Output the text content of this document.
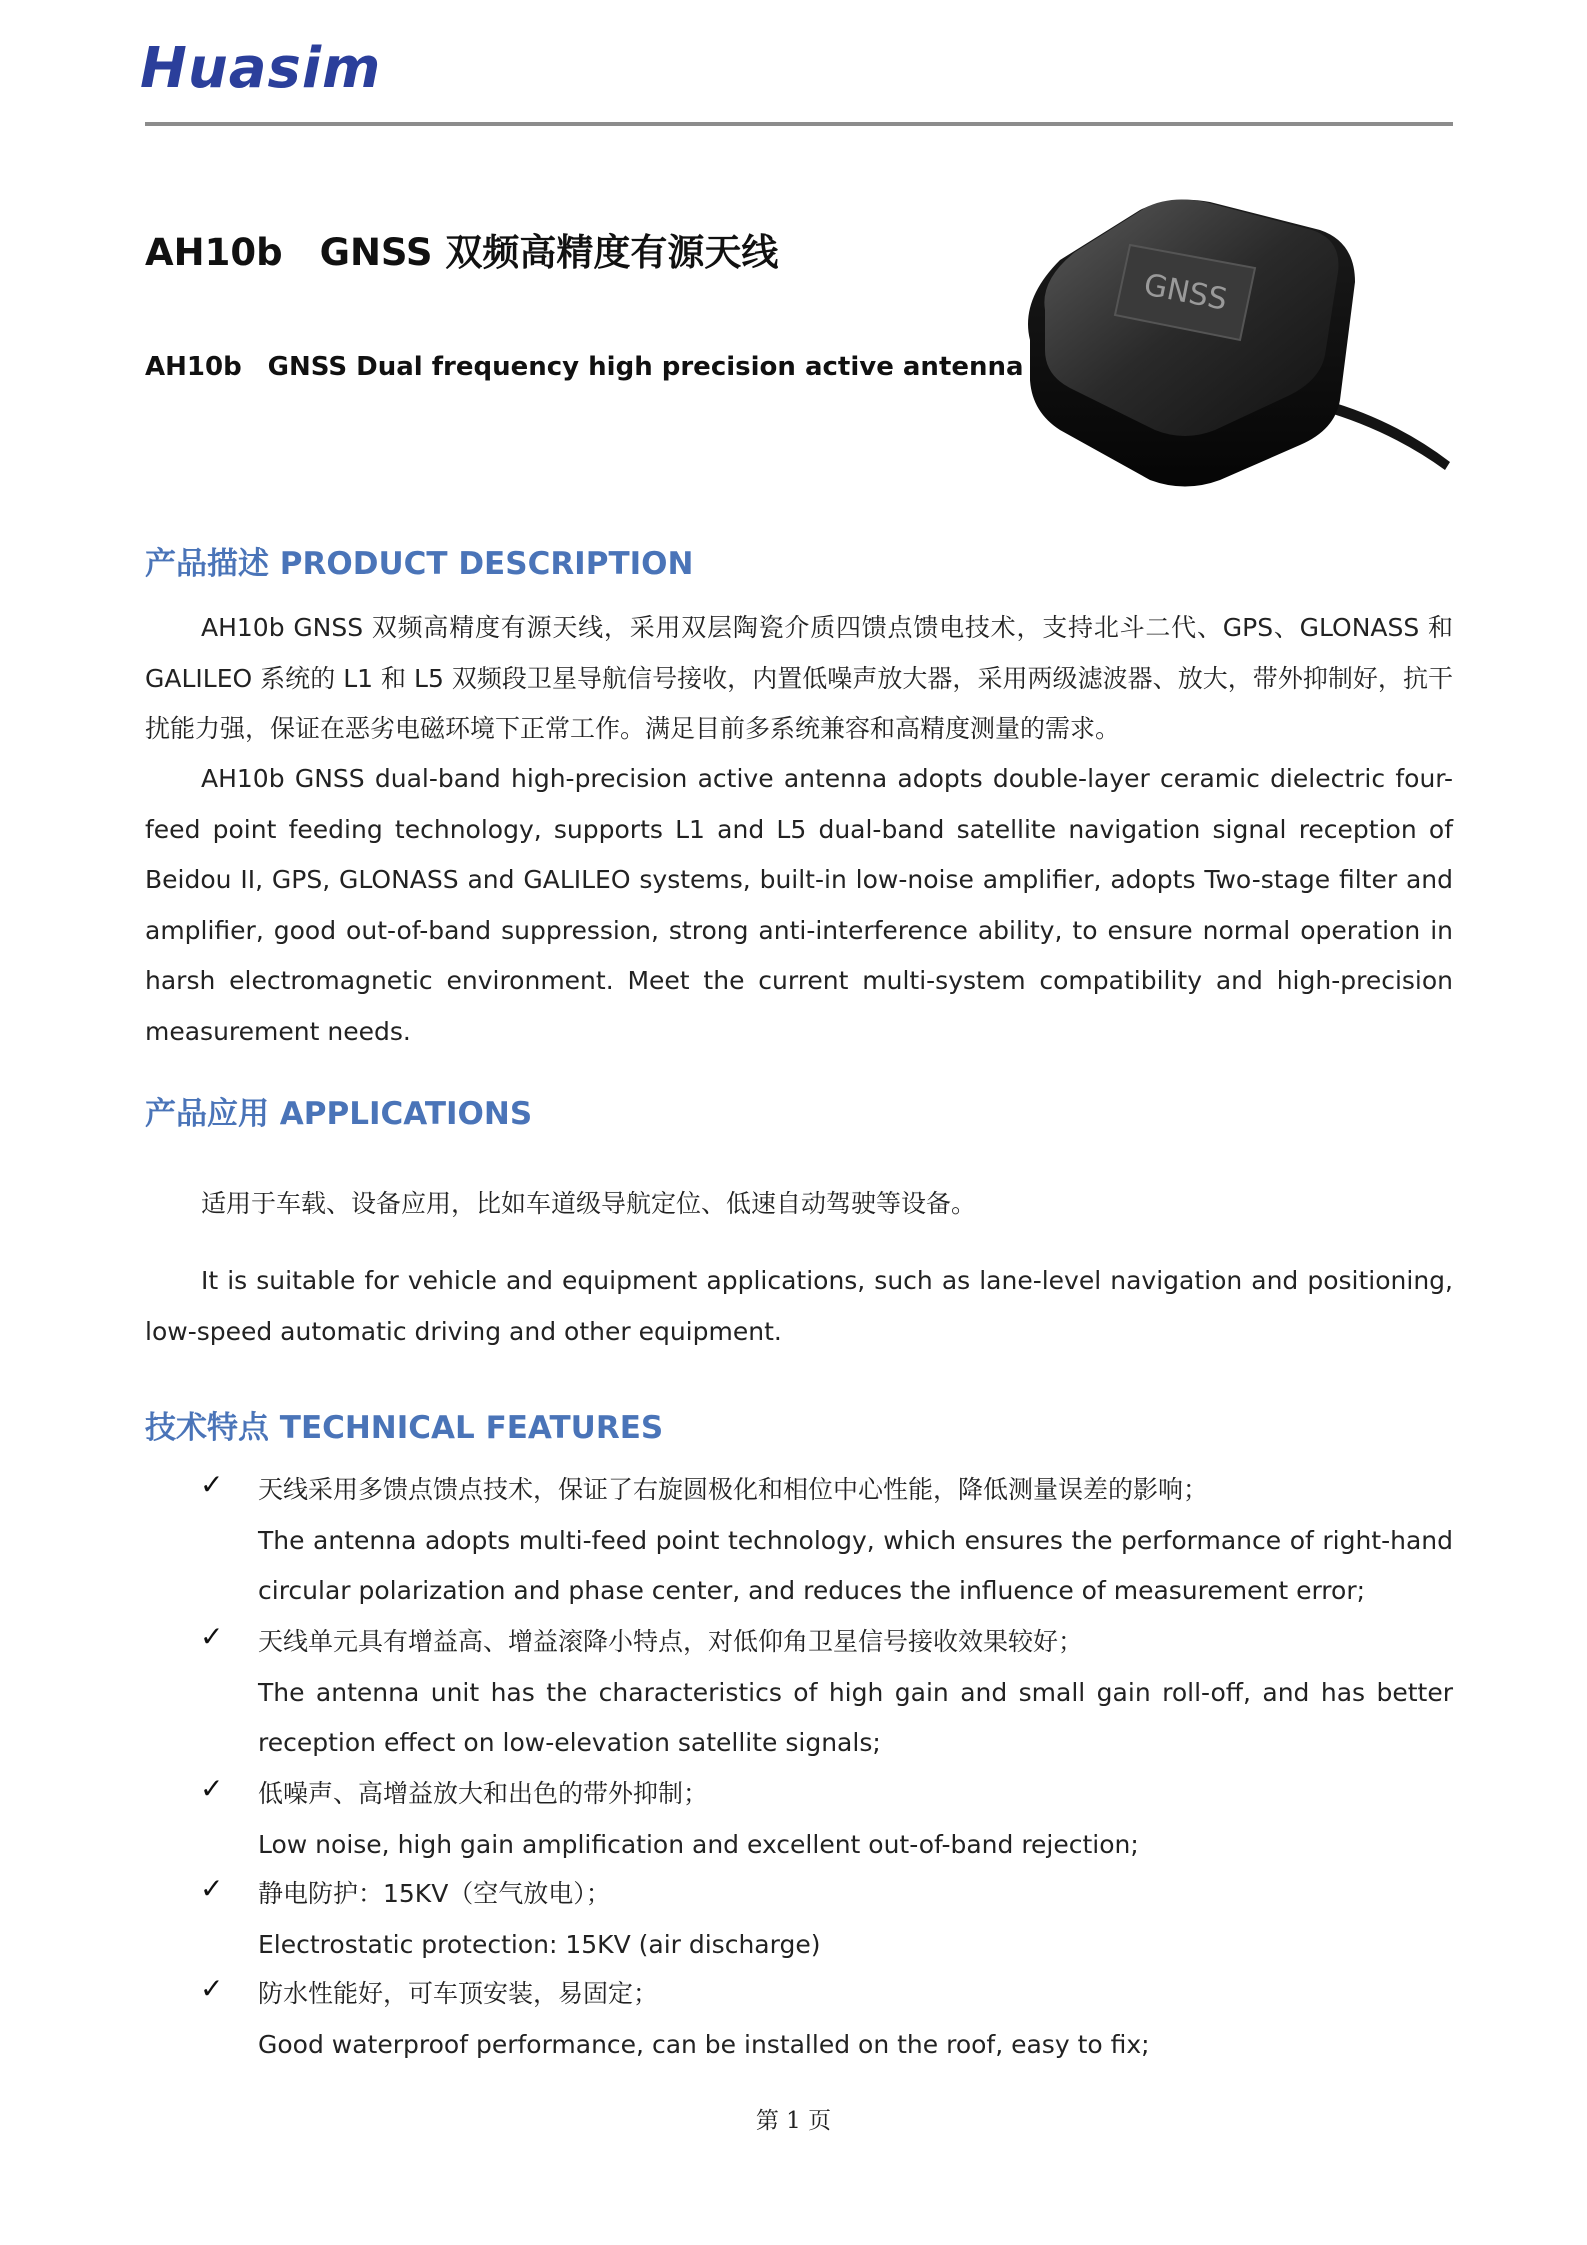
Huasim
AH10b GNSS 双频高精度有源天线
AH10b GNSS Dual frequency high precision active antenna
GNSS
产品描述 PRODUCT DESCRIPTION
AH10b GNSS 双频高精度有源天线，采用双层陶瓷介质四馈点馈电技术，支持北斗二代、GPS、GLONASS 和 GALILEO 系统的 L1 和 L5 双频段卫星导航信号接收，内置低噪声放大器，采用两级滤波器、放大，带外抑制好，抗干扰能力强，保证在恶劣电磁环境下正常工作。满足目前多系统兼容和高精度测量的需求。
AH10b GNSS dual-band high-precision active antenna adopts double-layer ceramic dielectric four-feed point feeding technology, supports L1 and L5 dual-band satellite navigation signal reception of Beidou II, GPS, GLONASS and GALILEO systems, built-in low-noise amplifier, adopts Two-stage filter and amplifier, good out-of-band suppression, strong anti-interference ability, to ensure normal operation in harsh electromagnetic environment. Meet the current multi-system compatibility and high-precision measurement needs.
产品应用 APPLICATIONS
适用于车载、设备应用，比如车道级导航定位、低速自动驾驶等设备。
It is suitable for vehicle and equipment applications, such as lane-level navigation and positioning, low-speed automatic driving and other equipment.
技术特点 TECHNICAL FEATURES
✓ 天线采用多馈点馈点技术，保证了右旋圆极化和相位中心性能，降低测量误差的影响；
The antenna adopts multi-feed point technology, which ensures the performance of right-hand circular polarization and phase center, and reduces the influence of measurement error;
✓ 天线单元具有增益高、增益滚降小特点，对低仰角卫星信号接收效果较好；
The antenna unit has the characteristics of high gain and small gain roll-off, and has better reception effect on low-elevation satellite signals;
✓ 低噪声、高增益放大和出色的带外抑制；
Low noise, high gain amplification and excellent out-of-band rejection;
✓ 静电防护：15KV（空气放电）；
Electrostatic protection: 15KV (air discharge)
✓ 防水性能好，可车顶安装，易固定；
Good waterproof performance, can be installed on the roof, easy to fix;
第 1 页
